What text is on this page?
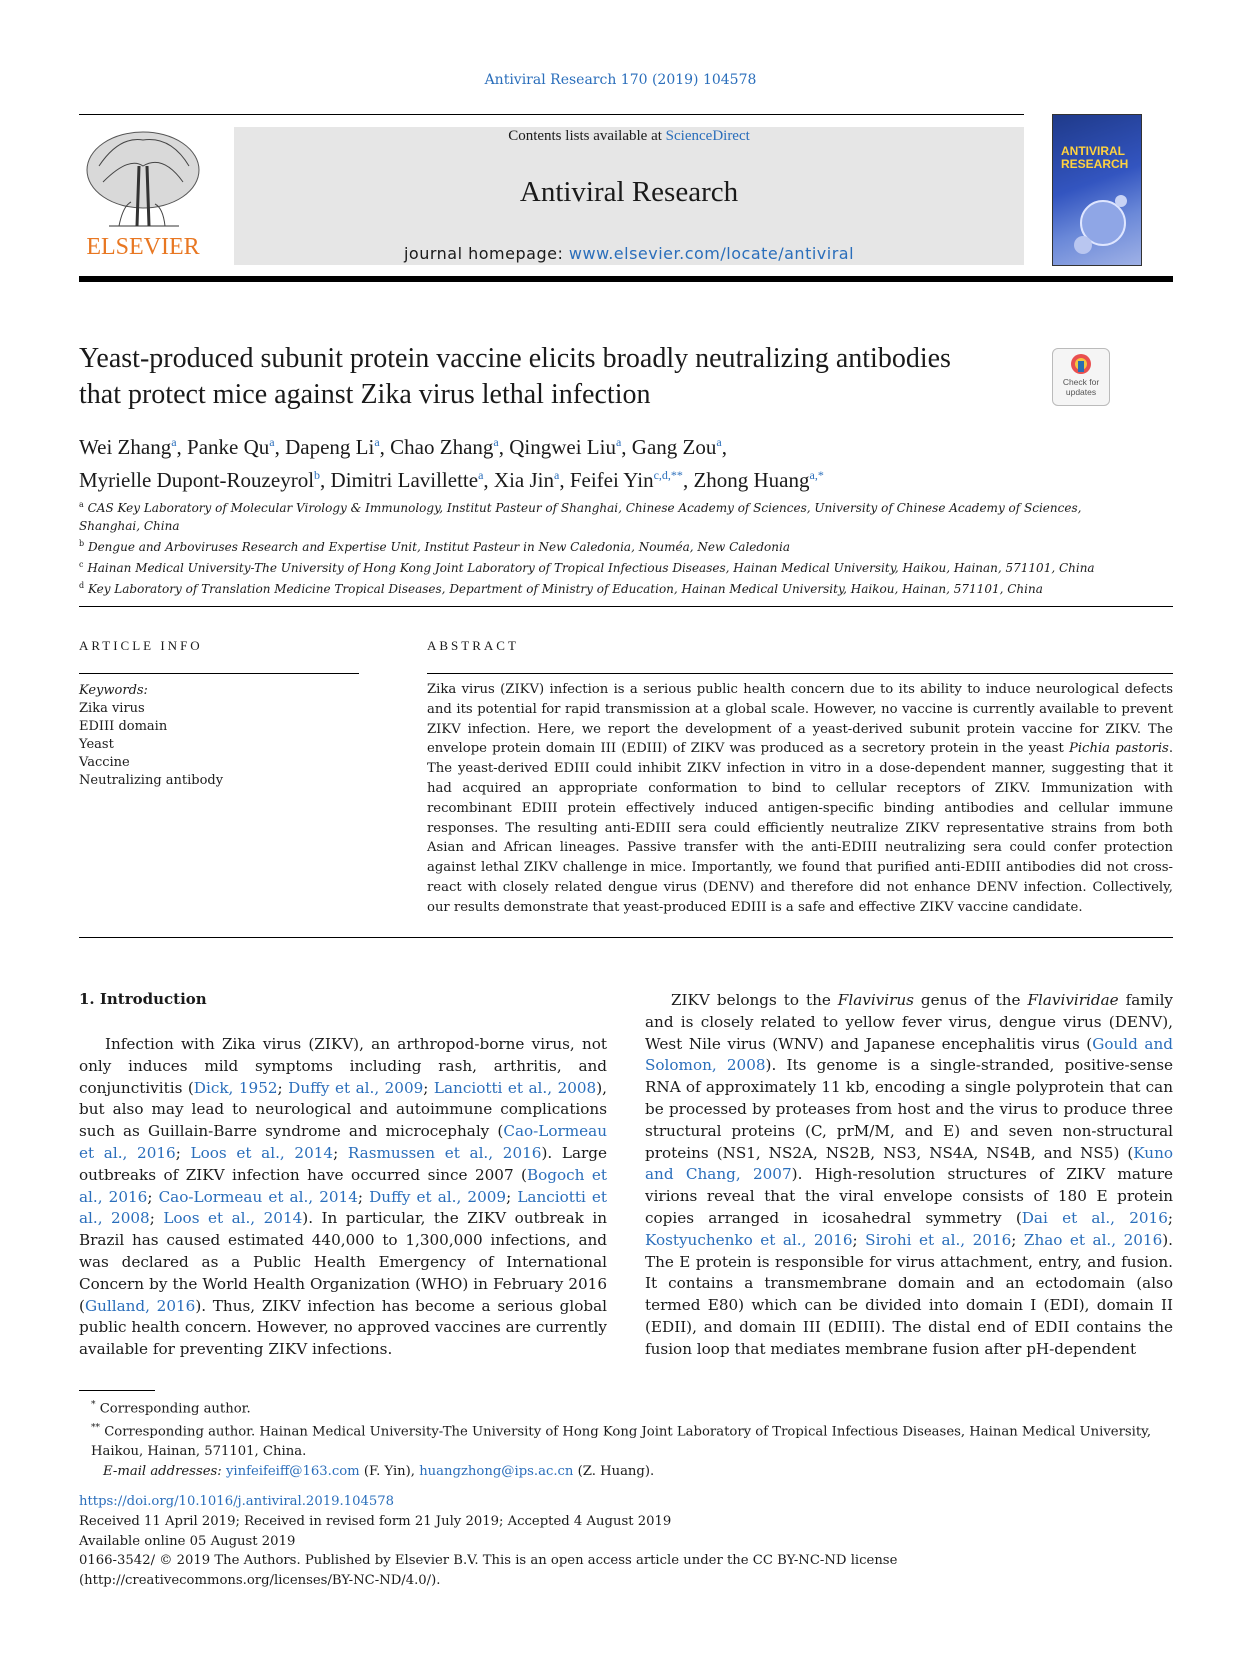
Antiviral Research 170 (2019) 104578
ELSEVIER
Contents lists available at ScienceDirect
Antiviral Research
journal homepage: www.elsevier.com/locate/antiviral
ANTIVIRAL RESEARCH
Yeast-produced subunit protein vaccine elicits broadly neutralizing antibodies that protect mice against Zika virus lethal infection	Check for updates
Wei Zhang$^a$, Panke Qu$^a$, Dapeng Li$^a$, Chao Zhang$^a$, Qingwei Liu$^a$, Gang Zou$^a$,
Myrielle Dupont-Rouzeyrol$^b$, Dimitri Lavillette$^a$, Xia Jin$^a$, Feifei Yin$^{c,d,**}$, Zhong Huang$^{a,*}$
$^a$ CAS Key Laboratory of Molecular Virology & Immunology, Institut Pasteur of Shanghai, Chinese Academy of Sciences, University of Chinese Academy of Sciences, Shanghai, China
$^b$ Dengue and Arboviruses Research and Expertise Unit, Institut Pasteur in New Caledonia, Nouméa, New Caledonia
$^c$ Hainan Medical University-The University of Hong Kong Joint Laboratory of Tropical Infectious Diseases, Hainan Medical University, Haikou, Hainan, 571101, China
$^d$ Key Laboratory of Translation Medicine Tropical Diseases, Department of Ministry of Education, Hainan Medical University, Haikou, Hainan, 571101, China
ARTICLE INFO	ABSTRACT
Keywords:
Zika virus
EDIII domain
Yeast
Vaccine
Neutralizing antibody
Zika virus (ZIKV) infection is a serious public health concern due to its ability to induce neurological defects and its potential for rapid transmission at a global scale. However, no vaccine is currently available to prevent ZIKV infection. Here, we report the development of a yeast-derived subunit protein vaccine for ZIKV. The envelope protein domain III (EDIII) of ZIKV was produced as a secretory protein in the yeast Pichia pastoris. The yeast-derived EDIII could inhibit ZIKV infection in vitro in a dose-dependent manner, suggesting that it had acquired an appropriate conformation to bind to cellular receptors of ZIKV. Immunization with recombinant EDIII protein effectively induced antigen-specific binding antibodies and cellular immune responses. The resulting anti-EDIII sera could efficiently neutralize ZIKV representative strains from both Asian and African lineages. Passive transfer with the anti-EDIII neutralizing sera could confer protection against lethal ZIKV challenge in mice. Importantly, we found that purified anti-EDIII antibodies did not cross-react with closely related dengue virus (DENV) and therefore did not enhance DENV infection. Collectively, our results demonstrate that yeast-produced EDIII is a safe and effective ZIKV vaccine candidate.
1. Introduction

Infection with Zika virus (ZIKV), an arthropod-borne virus, not only induces mild symptoms including rash, arthritis, and conjunctivitis (Dick, 1952; Duffy et al., 2009; Lanciotti et al., 2008), but also may lead to neurological and autoimmune complications such as Guillain-Barre syndrome and microcephaly (Cao-Lormeau et al., 2016; Loos et al., 2014; Rasmussen et al., 2016). Large outbreaks of ZIKV infection have occurred since 2007 (Bogoch et al., 2016; Cao-Lormeau et al., 2014; Duffy et al., 2009; Lanciotti et al., 2008; Loos et al., 2014). In particular, the ZIKV outbreak in Brazil has caused estimated 440,000 to 1,300,000 infections, and was declared as a Public Health Emergency of International Concern by the World Health Organization (WHO) in February 2016 (Gulland, 2016). Thus, ZIKV infection has become a serious global public health concern. However, no approved vaccines are currently available for preventing ZIKV infections.

ZIKV belongs to the Flavivirus genus of the Flaviviridae family and is closely related to yellow fever virus, dengue virus (DENV), West Nile virus (WNV) and Japanese encephalitis virus (Gould and Solomon, 2008). Its genome is a single-stranded, positive-sense RNA of approximately 11 kb, encoding a single polyprotein that can be processed by proteases from host and the virus to produce three structural proteins (C, prM/M, and E) and seven non-structural proteins (NS1, NS2A, NS2B, NS3, NS4A, NS4B, and NS5) (Kuno and Chang, 2007). High-resolution structures of ZIKV mature virions reveal that the viral envelope consists of 180 E protein copies arranged in icosahedral symmetry (Dai et al., 2016; Kostyuchenko et al., 2016; Sirohi et al., 2016; Zhao et al., 2016). The E protein is responsible for virus attachment, entry, and fusion. It contains a transmembrane domain and an ectodomain (also termed E80) which can be divided into domain I (EDI), domain II (EDII), and domain III (EDIII). The distal end of EDII contains the fusion loop that mediates membrane fusion after pH-dependent

* Corresponding author.

** Corresponding author. Hainan Medical University-The University of Hong Kong Joint Laboratory of Tropical Infectious Diseases, Hainan Medical University, Haikou, Hainan, 571101, China.

E-mail addresses: yinfeifeiff@163.com (F. Yin), huangzhong@ips.ac.cn (Z. Huang).

https://doi.org/10.1016/j.antiviral.2019.104578

Received 11 April 2019; Received in revised form 21 July 2019; Accepted 4 August 2019

Available online 05 August 2019

0166-3542/ © 2019 The Authors. Published by Elsevier B.V. This is an open access article under the CC BY-NC-ND license

(http://creativecommons.org/licenses/BY-NC-ND/4.0/).
